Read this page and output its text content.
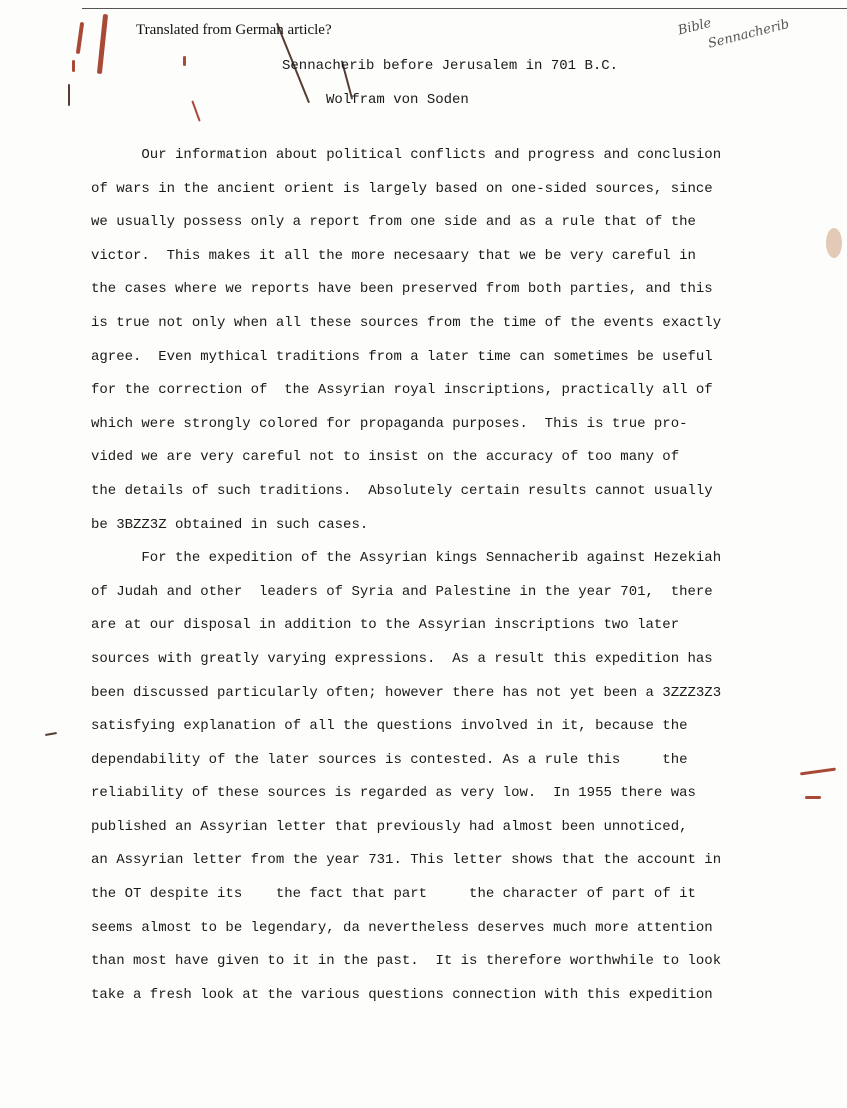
Translated from German article?	Bible
Sennacherib
Sennacherib before Jerusalem in 701 B.C.
Wolfram von Soden
Our information about political conflicts and progress and conclusion
of wars in the ancient orient is largely based on one-sided sources, since
we usually possess only a report from one side and as a rule that of the
victor.  This makes it all the more necesaary that we be very careful in
the cases where we reports have been preserved from both parties, and this
is true not only when all these sources from the time of the events exactly
agree.  Even mythical traditions from a later time can sometimes be useful
for the correction of  the Assyrian royal inscriptions, practically all of
which were strongly colored for propaganda purposes.  This is true pro-
vided we are very careful not to insist on the accuracy of too many of
the details of such traditions.  Absolutely certain results cannot usually
be 3BZZ3Z obtained in such cases.
For the expedition of the Assyrian kings Sennacherib against Hezekiah
of Judah and other  leaders of Syria and Palestine in the year 701,  there
are at our disposal in addition to the Assyrian inscriptions two later
sources with greatly varying expressions.  As a result this expedition has
been discussed particularly often; however there has not yet been a 3ZZZ3Z3
satisfying explanation of all the questions involved in it, because the
dependability of the later sources is contested. As a rule this     the
reliability of these sources is regarded as very low.  In 1955 there was
published an Assyrian letter that previously had almost been unnoticed,
an Assyrian letter from the year 731. This letter shows that the account in
the OT despite its    the fact that part     the character of part of it
seems almost to be legendary, da nevertheless deserves much more attention
than most have given to it in the past.  It is therefore worthwhile to look
take a fresh look at the various questions connection with this expedition
